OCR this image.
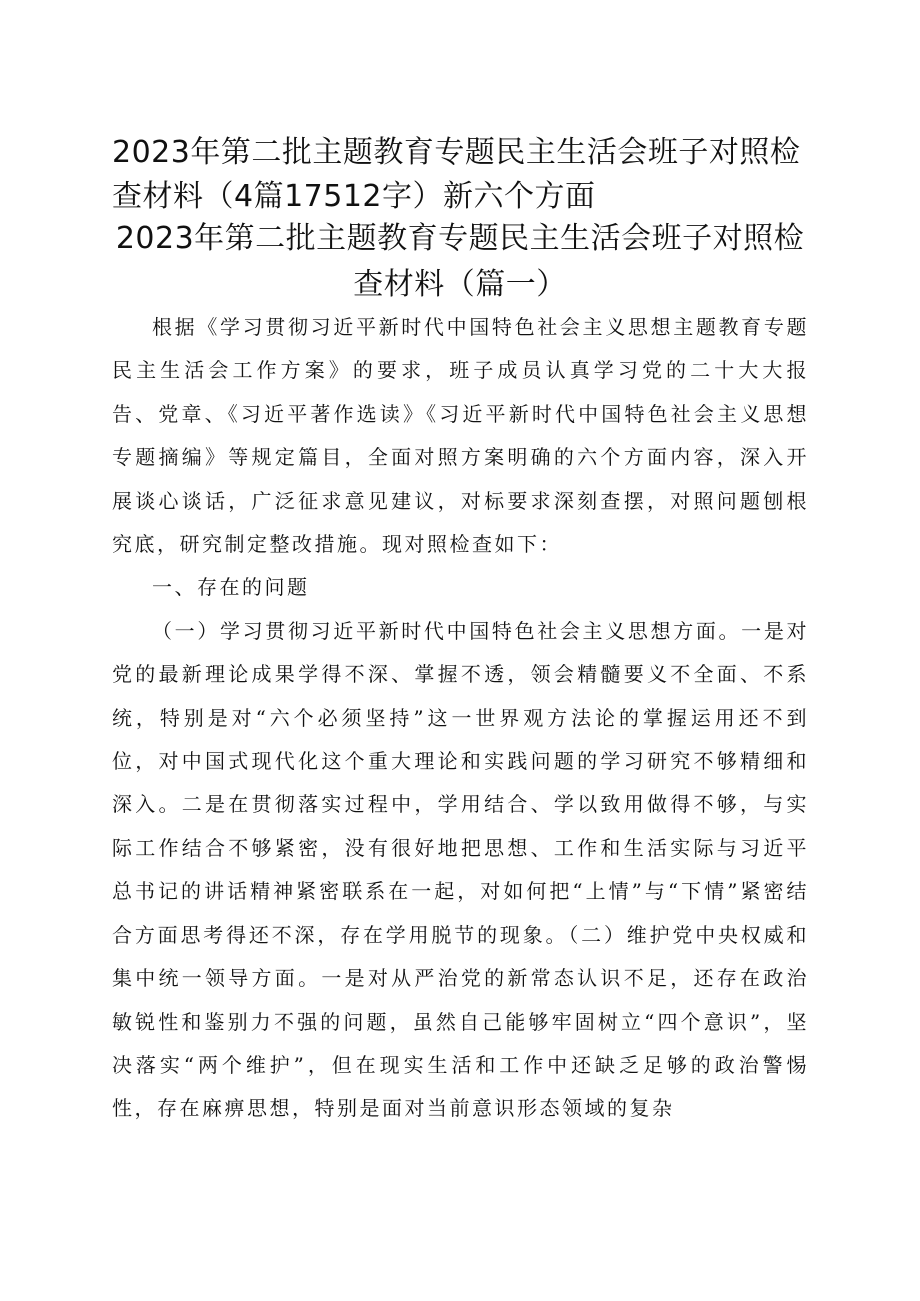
2023年第二批主题教育专题民主生活会班子对照检查材料（4篇17512字）新六个方面
2023年第二批主题教育专题民主生活会班子对照检查材料（篇一）

根据《学习贯彻习近平新时代中国特色社会主义思想主题教育专题民主生活会工作方案》的要求，班子成员认真学习党的二十大大报告、党章、《习近平著作选读》《习近平新时代中国特色社会主义思想专题摘编》等规定篇目，全面对照方案明确的六个方面内容，深入开展谈心谈话，广泛征求意见建议，对标要求深刻查摆，对照问题刨根究底，研究制定整改措施。现对照检查如下：

一、存在的问题

（一）学习贯彻习近平新时代中国特色社会主义思想方面。一是对党的最新理论成果学得不深、掌握不透，领会精髓要义不全面、不系统，特别是对“六个必须坚持”这一世界观方法论的掌握运用还不到位，对中国式现代化这个重大理论和实践问题的学习研究不够精细和深入。二是在贯彻落实过程中，学用结合、学以致用做得不够，与实际工作结合不够紧密，没有很好地把思想、工作和生活实际与习近平总书记的讲话精神紧密联系在一起，对如何把“上情”与“下情”紧密结合方面思考得还不深，存在学用脱节的现象。（二）维护党中央权威和集中统一领导方面。一是对从严治党的新常态认识不足，还存在政治敏锐性和鉴别力不强的问题，虽然自己能够牢固树立“四个意识”，坚决落实“两个维护”，但在现实生活和工作中还缺乏足够的政治警惕性，存在麻痹思想，特别是面对当前意识形态领域的复杂
